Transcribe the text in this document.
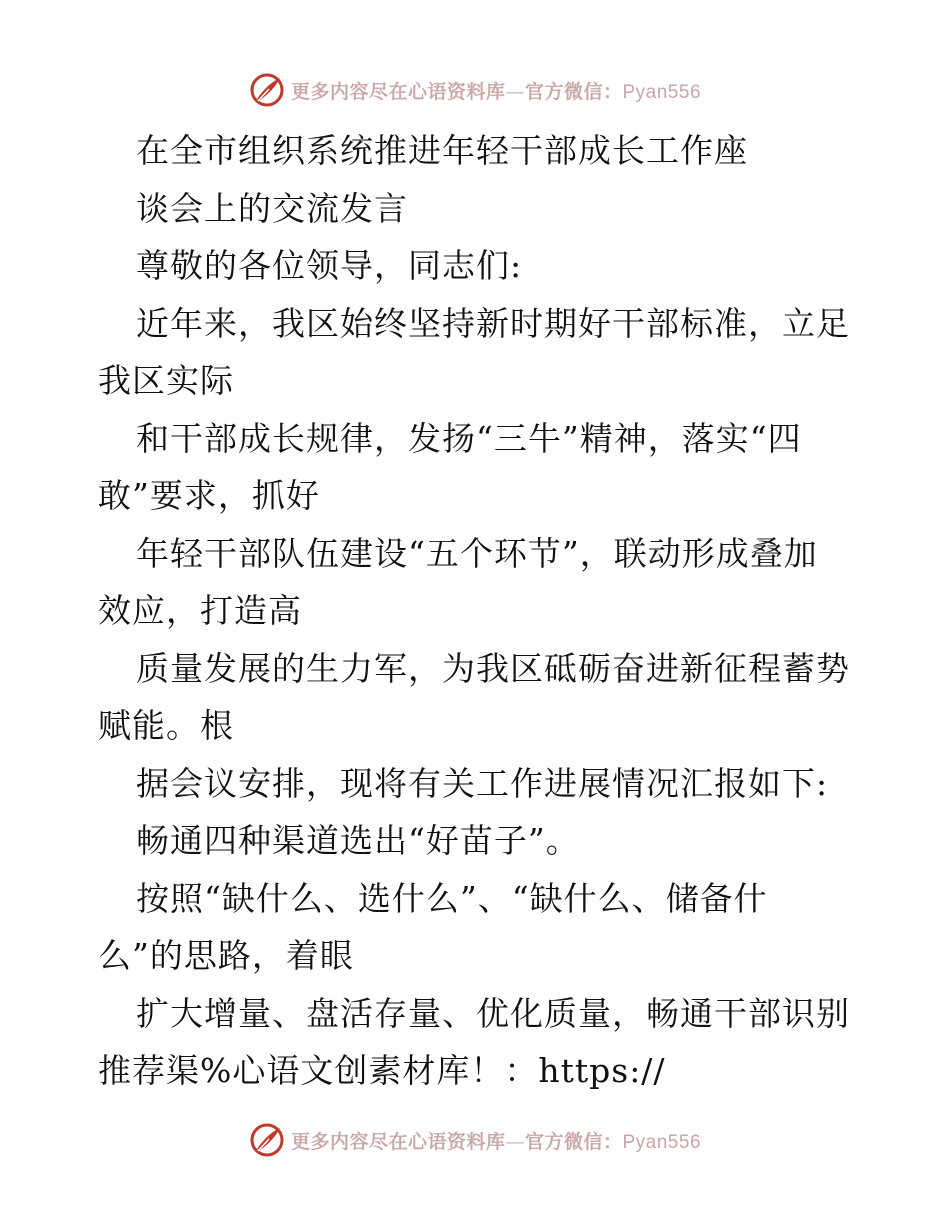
更多内容尽在心语资料库—官方微信：Pyan556
在全市组织系统推进年轻干部成长工作座
谈会上的交流发言
尊敬的各位领导，同志们:
近年来，我区始终坚持新时期好干部标准，立足
我区实际
和干部成长规律，发扬“三牛”精神，落实“四
敢”要求，抓好
年轻干部队伍建设“五个环节”，联动形成叠加
效应，打造高
质量发展的生力军，为我区砥砺奋进新征程蓄势
赋能。根
据会议安排，现将有关工作进展情况汇报如下:
畅通四种渠道选出“好苗子”。
按照“缺什么、选什么”、“缺什么、储备什
么”的思路，着眼
扩大增量、盘活存量、优化质量，畅通干部识别
推荐渠%心语文创素材库！：https://
更多内容尽在心语资料库—官方微信：Pyan556
